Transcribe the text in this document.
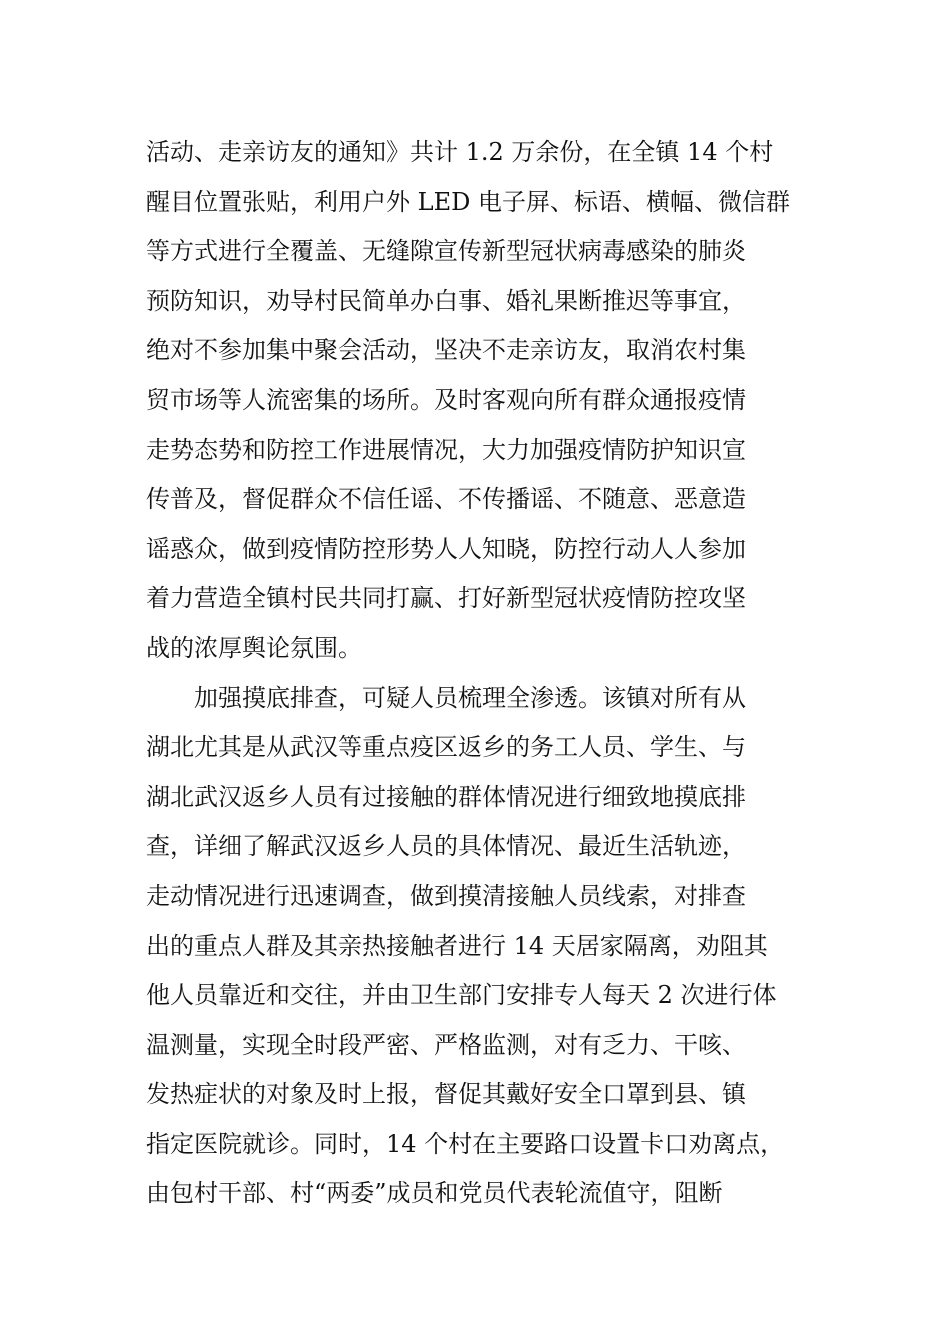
活动、走亲访友的通知》共计 1.2 万余份，在全镇 14 个村
醒目位置张贴，利用户外 LED 电子屏、标语、横幅、微信群
等方式进行全覆盖、无缝隙宣传新型冠状病毒感染的肺炎
预防知识，劝导村民简单办白事、婚礼果断推迟等事宜，
绝对不参加集中聚会活动，坚决不走亲访友，取消农村集
贸市场等人流密集的场所。及时客观向所有群众通报疫情
走势态势和防控工作进展情况，大力加强疫情防护知识宣
传普及，督促群众不信任谣、不传播谣、不随意、恶意造
谣惑众，做到疫情防控形势人人知晓，防控行动人人参加
着力营造全镇村民共同打赢、打好新型冠状疫情防控攻坚
战的浓厚舆论氛围。
加强摸底排查，可疑人员梳理全渗透。该镇对所有从
湖北尤其是从武汉等重点疫区返乡的务工人员、学生、与
湖北武汉返乡人员有过接触的群体情况进行细致地摸底排
查，详细了解武汉返乡人员的具体情况、最近生活轨迹，
走动情况进行迅速调查，做到摸清接触人员线索，对排查
出的重点人群及其亲热接触者进行 14 天居家隔离，劝阻其
他人员靠近和交往，并由卫生部门安排专人每天 2 次进行体
温测量，实现全时段严密、严格监测，对有乏力、干咳、
发热症状的对象及时上报，督促其戴好安全口罩到县、镇
指定医院就诊。同时，14 个村在主要路口设置卡口劝离点，
由包村干部、村“两委”成员和党员代表轮流值守，阻断
